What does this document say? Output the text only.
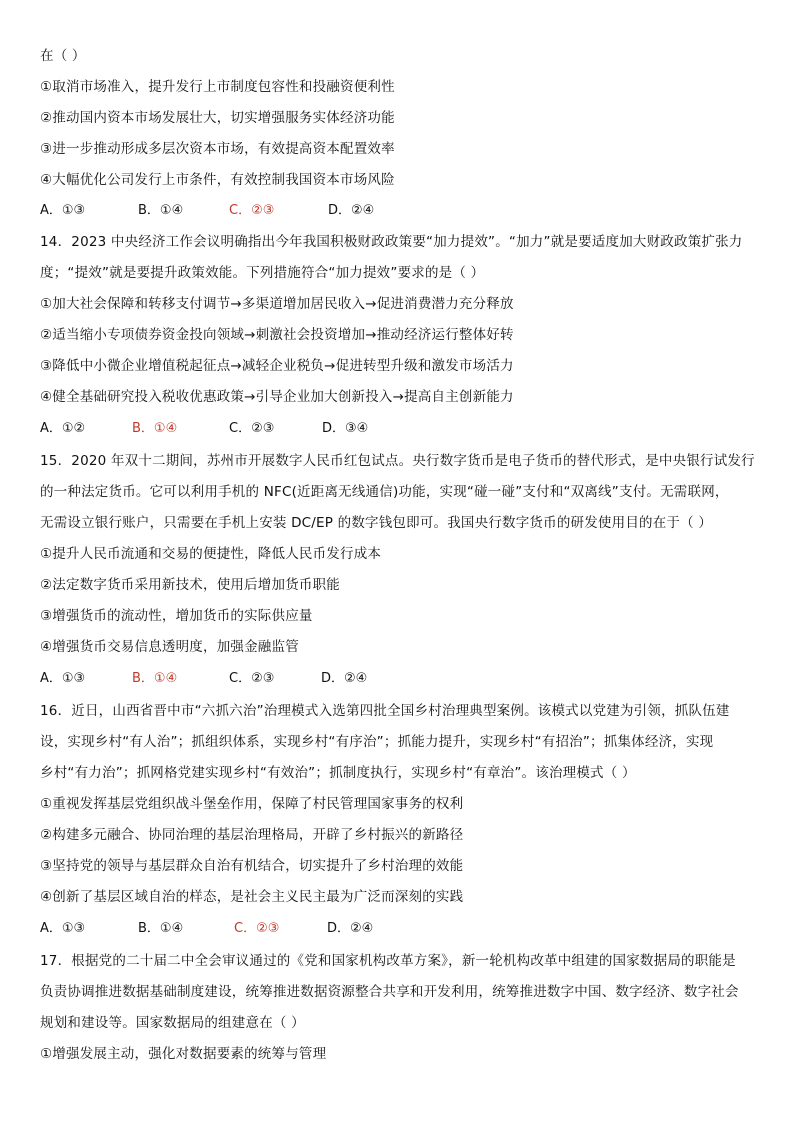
在（ ）
①取消市场准入，提升发行上市制度包容性和投融资便利性
②推动国内资本市场发展壮大，切实增强服务实体经济功能
③进一步推动形成多层次资本市场，有效提高资本配置效率
④大幅优化公司发行上市条件，有效控制我国资本市场风险
A．①③	B．①④	C．②③	D．②④
14．2023 中央经济工作会议明确指出今年我国积极财政政策要“加力提效”。“加力”就是要适度加大财政政策扩张力
度；“提效”就是要提升政策效能。下列措施符合“加力提效”要求的是（ ）
①加大社会保障和转移支付调节→多渠道增加居民收入→促进消费潜力充分释放
②适当缩小专项债券资金投向领域→刺激社会投资增加→推动经济运行整体好转
③降低中小微企业增值税起征点→减轻企业税负→促进转型升级和激发市场活力
④健全基础研究投入税收优惠政策→引导企业加大创新投入→提高自主创新能力
A．①②	B．①④	C．②③	D．③④
15．2020 年双十二期间，苏州市开展数字人民币红包试点。央行数字货币是电子货币的替代形式，是中央银行试发行
的一种法定货币。它可以利用手机的 NFC(近距离无线通信)功能，实现“碰一碰”支付和“双离线”支付。无需联网，
无需设立银行账户，只需要在手机上安装 DC/EP 的数字钱包即可。我国央行数字货币的研发使用目的在于（ ）
①提升人民币流通和交易的便捷性，降低人民币发行成本
②法定数字货币采用新技术，使用后增加货币职能
③增强货币的流动性，增加货币的实际供应量
④增强货币交易信息透明度，加强金融监管
A．①③	B．①④	C．②③	D．②④
16．近日，山西省晋中市“六抓六治”治理模式入选第四批全国乡村治理典型案例。该模式以党建为引领，抓队伍建
设，实现乡村“有人治”；抓组织体系，实现乡村“有序治”；抓能力提升，实现乡村“有招治”；抓集体经济，实现
乡村“有力治”；抓网格党建实现乡村“有效治”；抓制度执行，实现乡村“有章治”。该治理模式（ ）
①重视发挥基层党组织战斗堡垒作用，保障了村民管理国家事务的权利
②构建多元融合、协同治理的基层治理格局，开辟了乡村振兴的新路径
③坚持党的领导与基层群众自治有机结合，切实提升了乡村治理的效能
④创新了基层区域自治的样态，是社会主义民主最为广泛而深刻的实践
A．①③	B．①④	C．②③	D．②④
17．根据党的二十届二中全会审议通过的《党和国家机构改革方案》，新一轮机构改革中组建的国家数据局的职能是
负责协调推进数据基础制度建设，统筹推进数据资源整合共享和开发利用，统筹推进数字中国、数字经济、数字社会
规划和建设等。国家数据局的组建意在（ ）
①增强发展主动，强化对数据要素的统筹与管理
